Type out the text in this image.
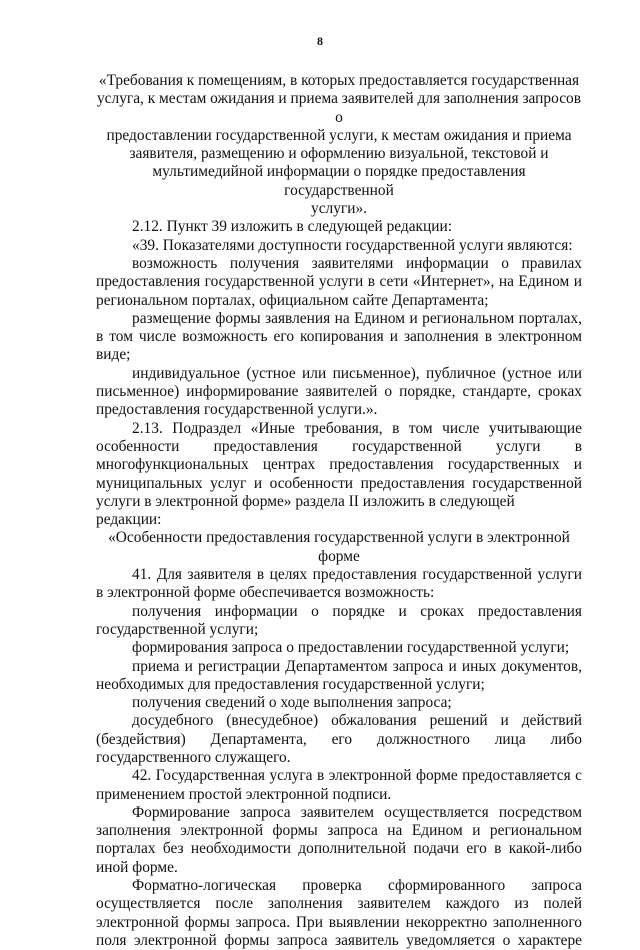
8

«Требования к помещениям, в которых предоставляется государственная

услуга, к местам ожидания и приема заявителей для заполнения запросов о

предоставлении государственной услуги, к местам ожидания и приема

заявителя, размещению и оформлению визуальной, текстовой и

мультимедийной информации о порядке предоставления государственной

услуги».

2.12. Пункт 39 изложить в следующей редакции:

«39. Показателями доступности государственной услуги являются:

возможность получения заявителями информации о правилах

предоставления государственной услуги в сети «Интернет», на Едином и региональном порталах, официальном сайте Департамента;

размещение формы заявления на Едином и региональном порталах, в том числе возможность его копирования и заполнения в электронном виде;

индивидуальное (устное или письменное), публичное (устное или письменное) информирование заявителей о порядке, стандарте, сроках предоставления государственной услуги.».

2.13. Подраздел «Иные требования, в том числе учитывающие

особенности предоставления государственной услуги в

многофункциональных центрах предоставления государственных и

муниципальных услуг и особенности предоставления государственной

услуги в электронной форме» раздела II изложить в следующей редакции:

«Особенности предоставления государственной услуги в электронной

форме

41. Для заявителя в целях предоставления государственной услуги

в электронной форме обеспечивается возможность:

получения информации о порядке и сроках предоставления

государственной услуги;

формирования запроса о предоставлении государственной услуги;

приема и регистрации Департаментом запроса и иных документов, необходимых для предоставления государственной услуги;

получения сведений о ходе выполнения запроса;

досудебного (внесудебное) обжалования решений и действий

(бездействия) Департамента, его должностного лица либо

государственного служащего.

42. Государственная услуга в электронной форме предоставляется с применением простой электронной подписи.

Формирование запроса заявителем осуществляется посредством заполнения электронной формы запроса на Едином и региональном порталах без необходимости дополнительной подачи его в какой-либо иной форме.

Форматно-логическая проверка сформированного запроса осуществляется после заполнения заявителем каждого из полей электронной формы запроса. При выявлении некорректно заполненного поля электронной формы запроса заявитель уведомляется о характере
